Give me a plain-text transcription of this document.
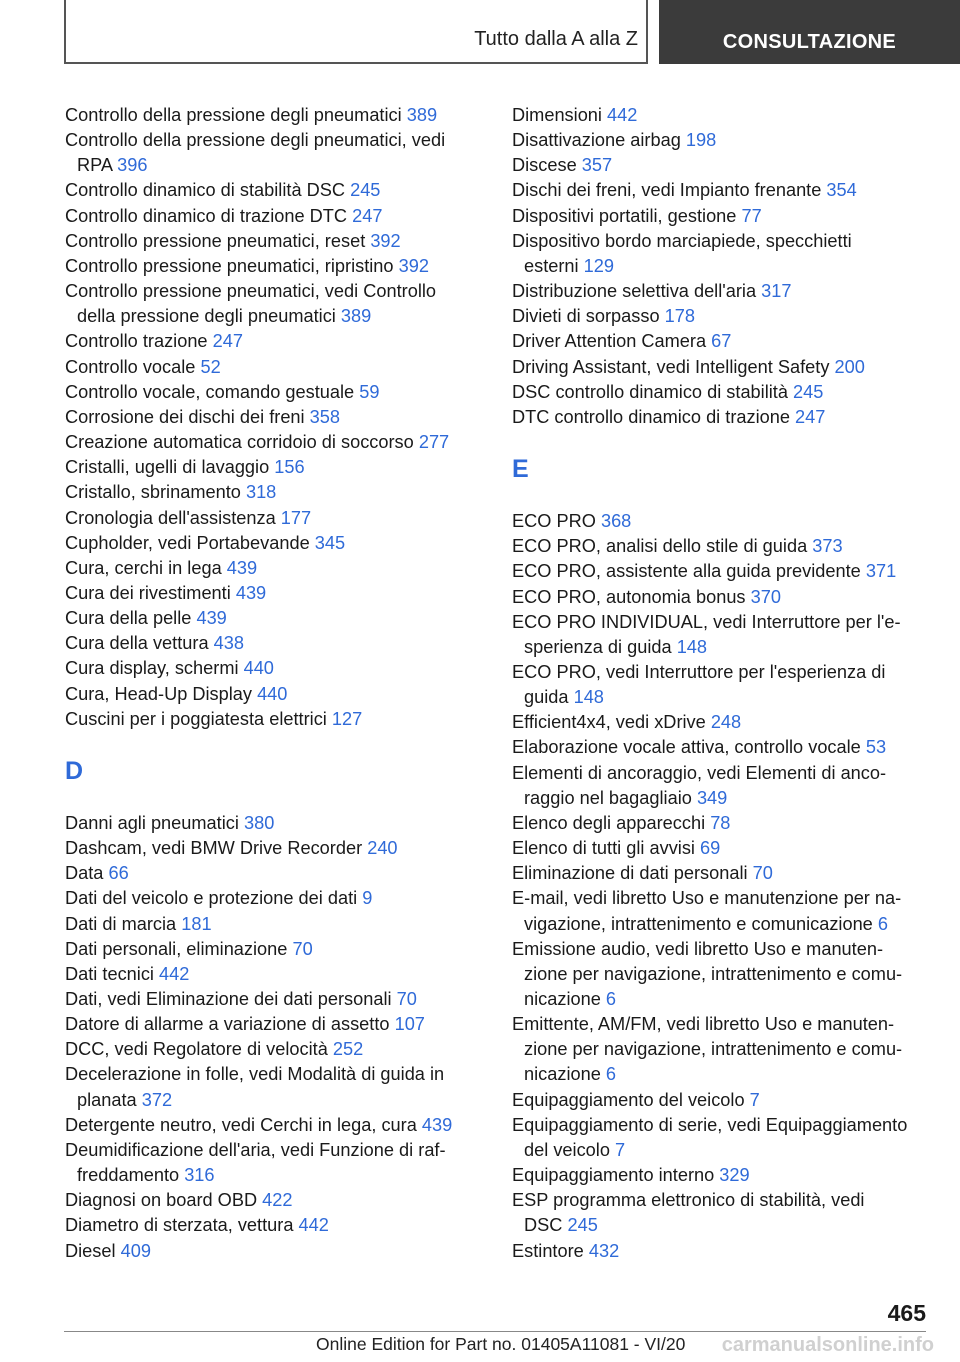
Tutto dalla A alla Z	CONSULTAZIONE
Controllo della pressione degli pneumatici 389
Controllo della pressione degli pneumatici, vedi
RPA 396
Controllo dinamico di stabilità DSC 245
Controllo dinamico di trazione DTC 247
Controllo pressione pneumatici, reset 392
Controllo pressione pneumatici, ripristino 392
Controllo pressione pneumatici, vedi Controllo
della pressione degli pneumatici 389
Controllo trazione 247
Controllo vocale 52
Controllo vocale, comando gestuale 59
Corrosione dei dischi dei freni 358
Creazione automatica corridoio di soccorso 277
Cristalli, ugelli di lavaggio 156
Cristallo, sbrinamento 318
Cronologia dell'assistenza 177
Cupholder, vedi Portabevande 345
Cura, cerchi in lega 439
Cura dei rivestimenti 439
Cura della pelle 439
Cura della vettura 438
Cura display, schermi 440
Cura, Head-Up Display 440
Cuscini per i poggiatesta elettrici 127
D
Danni agli pneumatici 380
Dashcam, vedi BMW Drive Recorder 240
Data 66
Dati del veicolo e protezione dei dati 9
Dati di marcia 181
Dati personali, eliminazione 70
Dati tecnici 442
Dati, vedi Eliminazione dei dati personali 70
Datore di allarme a variazione di assetto 107
DCC, vedi Regolatore di velocità 252
Decelerazione in folle, vedi Modalità di guida in
planata 372
Detergente neutro, vedi Cerchi in lega, cura 439
Deumidificazione dell'aria, vedi Funzione di raf-
freddamento 316
Diagnosi on board OBD 422
Diametro di sterzata, vettura 442
Diesel 409
Dimensioni 442
Disattivazione airbag 198
Discese 357
Dischi dei freni, vedi Impianto frenante 354
Dispositivi portatili, gestione 77
Dispositivo bordo marciapiede, specchietti
esterni 129
Distribuzione selettiva dell'aria 317
Divieti di sorpasso 178
Driver Attention Camera 67
Driving Assistant, vedi Intelligent Safety 200
DSC controllo dinamico di stabilità 245
DTC controllo dinamico di trazione 247
E
ECO PRO 368
ECO PRO, analisi dello stile di guida 373
ECO PRO, assistente alla guida previdente 371
ECO PRO, autonomia bonus 370
ECO PRO INDIVIDUAL, vedi Interruttore per l'e-
sperienza di guida 148
ECO PRO, vedi Interruttore per l'esperienza di
guida 148
Efficient4x4, vedi xDrive 248
Elaborazione vocale attiva, controllo vocale 53
Elementi di ancoraggio, vedi Elementi di anco-
raggio nel bagagliaio 349
Elenco degli apparecchi 78
Elenco di tutti gli avvisi 69
Eliminazione di dati personali 70
E-mail, vedi libretto Uso e manutenzione per na-
vigazione, intrattenimento e comunicazione 6
Emissione audio, vedi libretto Uso e manuten-
zione per navigazione, intrattenimento e comu-
nicazione 6
Emittente, AM/FM, vedi libretto Uso e manuten-
zione per navigazione, intrattenimento e comu-
nicazione 6
Equipaggiamento del veicolo 7
Equipaggiamento di serie, vedi Equipaggiamento
del veicolo 7
Equipaggiamento interno 329
ESP programma elettronico di stabilità, vedi
DSC 245
Estintore 432
465
Online Edition for Part no. 01405A11081 - VI/20 carmanualsonline.info
